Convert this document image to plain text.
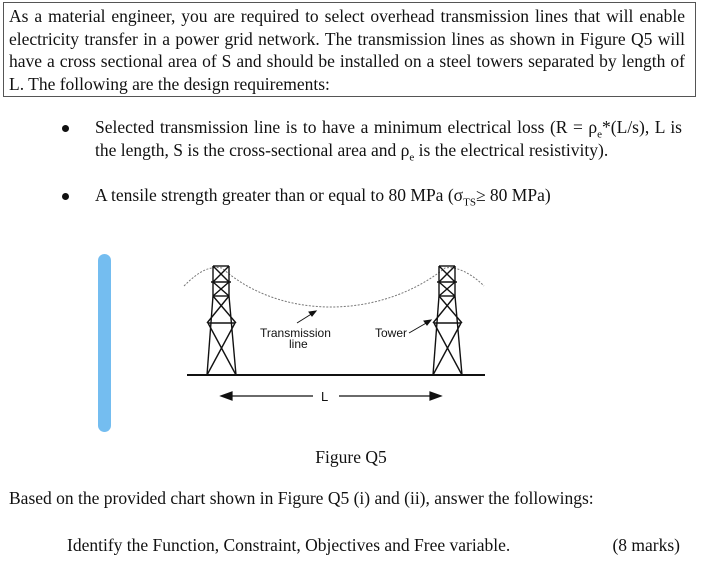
As a material engineer, you are required to select overhead transmission lines that will enable electricity transfer in a power grid network. The transmission lines as shown in Figure Q5 will have a cross sectional area of S and should be installed on a steel towers separated by length of L. The following are the design requirements:

Selected transmission line is to have a minimum electrical loss ($R = \rho_e*(L/s)$, L is the length, S is the cross-sectional area and $\rho_e$ is the electrical resistivity).
A tensile strength greater than or equal to 80 MPa ($\sigma_{TS}\ge 80$ MPa)
Transmission
line
Tower
L
Figure Q5
Based on the provided chart shown in Figure Q5 (i) and (ii), answer the followings:
Identify the Function, Constraint, Objectives and Free variable.	(8 marks)
